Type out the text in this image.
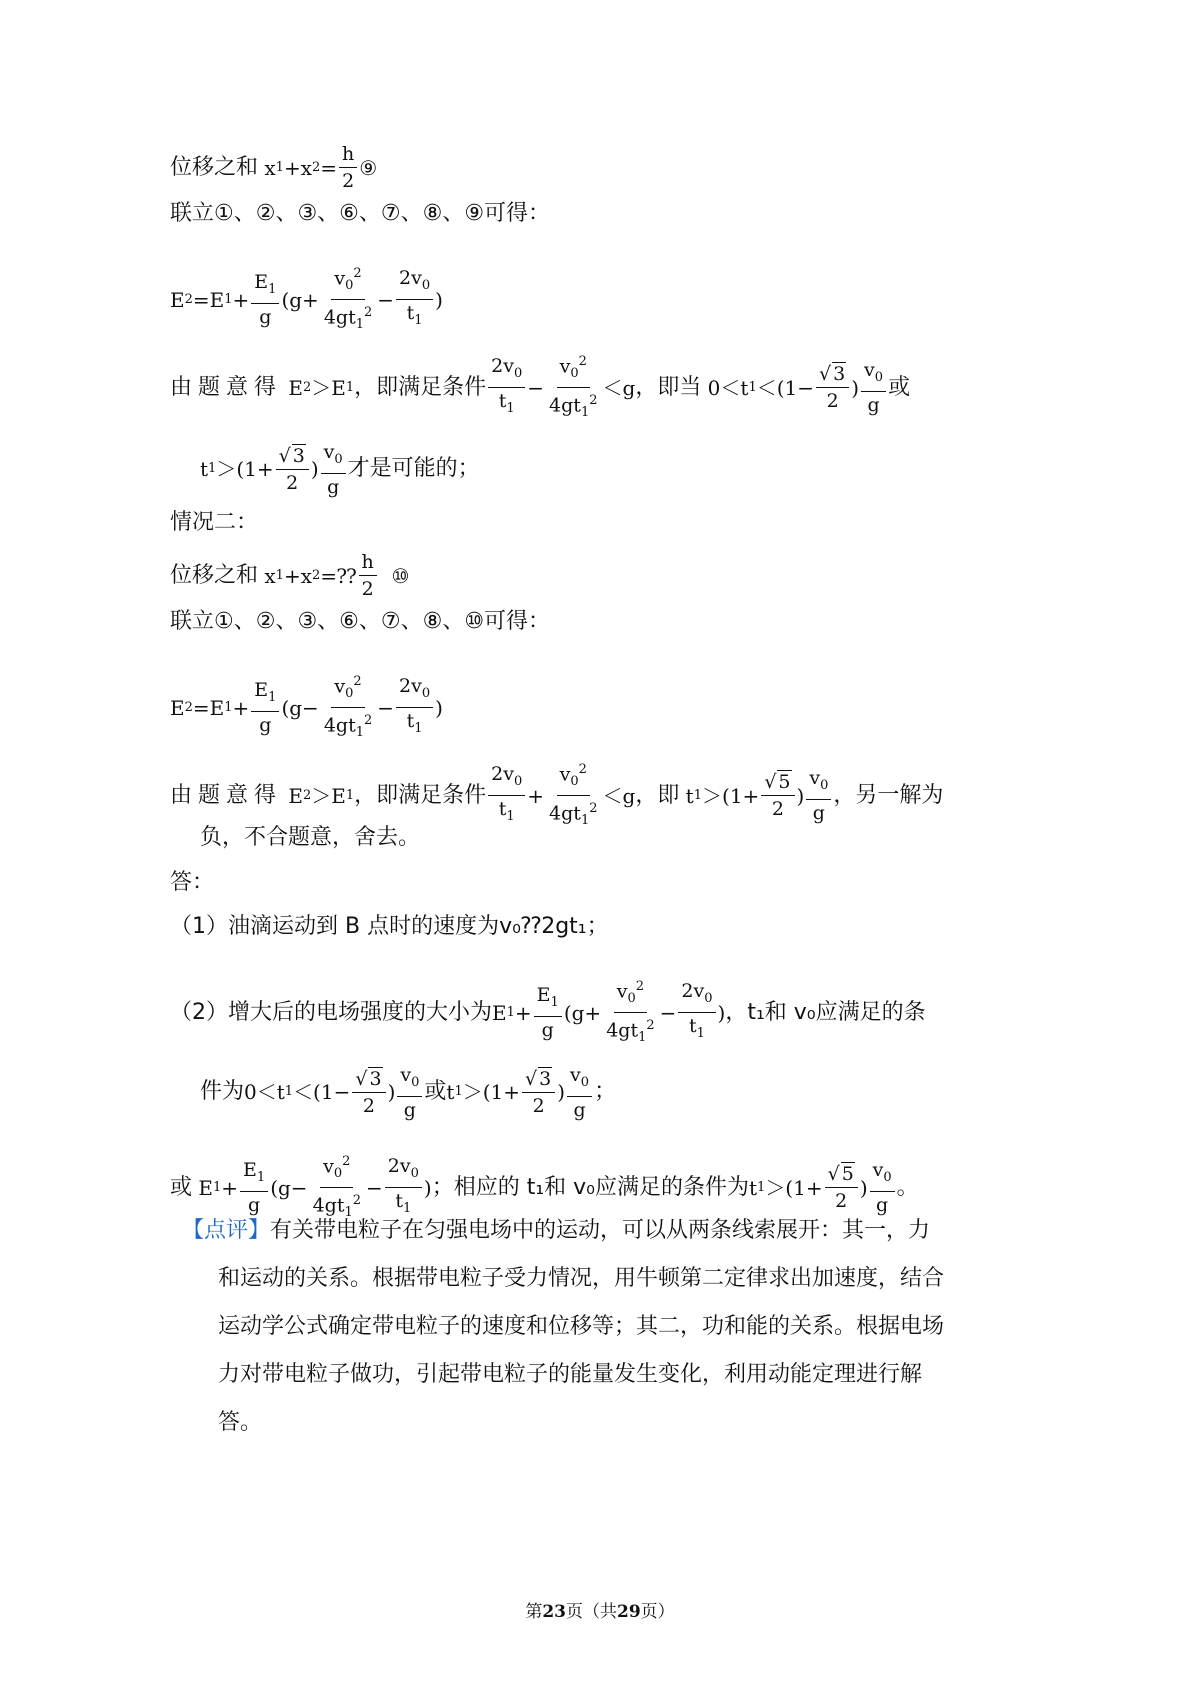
位移之和 x 1 +x $2 = \frac{h}{2}$ ⑨
联立①、②、③、⑥、⑦、⑧、⑨可得：
E 2 =E $1 + \frac{E_1}{g} (g+ \frac{v_0^2}{4gt_1^2} - \frac{2v_0}{t_1}$ )
由题意得 E 2 ＞E 1 ，即满足条件 $\frac{2v_0}{t_1} - \frac{v_0^2}{4gt_1^2} <g$ ，即当 0＜t $1 <(1- \frac{√ 3}{2}$ ) $\frac{v_0}{g}$ 或
t $1 >(1+ \frac{√ 3}{2}$ ) $\frac{v_0}{g}$ 才是可能的；
情况二：
位移之和 x 1 +x 2 =⁇ $\frac{h}{2}$ ⑩
联立①、②、③、⑥、⑦、⑧、⑩可得：
E 2 =E $1 + \frac{E_1}{g} (g- \frac{v_0^2}{4gt_1^2} - \frac{2v_0}{t_1}$ )
由题意得 E 2 ＞E 1 ，即满足条件 $\frac{2v_0}{t_1} + \frac{v_0^2}{4gt_1^2} <g$ ，即 t $1 >(1+ \frac{√ 5}{2}$ ) $\frac{v_0}{g}$ ，另一解为
负，不合题意，舍去。
答：
（1）油滴运动到 B 点时的速度为 v₀⁇2gt₁；
（2）增大后的电场强度的大小为 E $1 + \frac{E_1}{g} (g+ \frac{v_0^2}{4gt_1^2} - \frac{2v_0}{t_1}$ ) ，t₁和 v₀应满足的条
件为 0＜t $1 <(1- \frac{√ 3}{2}$ ) $\frac{v_0}{g}$ 或 t $1 >(1+ \frac{√ 3}{2}$ ) $\frac{v_0}{g}$ ；
或 E $1 + \frac{E_1}{g} (g- \frac{v_0^2}{4gt_1^2} - \frac{2v_0}{t_1}$ ) ；相应的 t₁和 v₀应满足的条件为 t $1 >(1+ \frac{√ 5}{2}$ ) $\frac{v_0}{g}$ 。
【点评】有关带电粒子在匀强电场中的运动，可以从两条线索展开：其一，力
和运动的关系。根据带电粒子受力情况，用牛顿第二定律求出加速度，结合
运动学公式确定带电粒子的速度和位移等；其二，功和能的关系。根据电场
力对带电粒子做功，引起带电粒子的能量发生变化，利用动能定理进行解
答。
第23页（共29页）
